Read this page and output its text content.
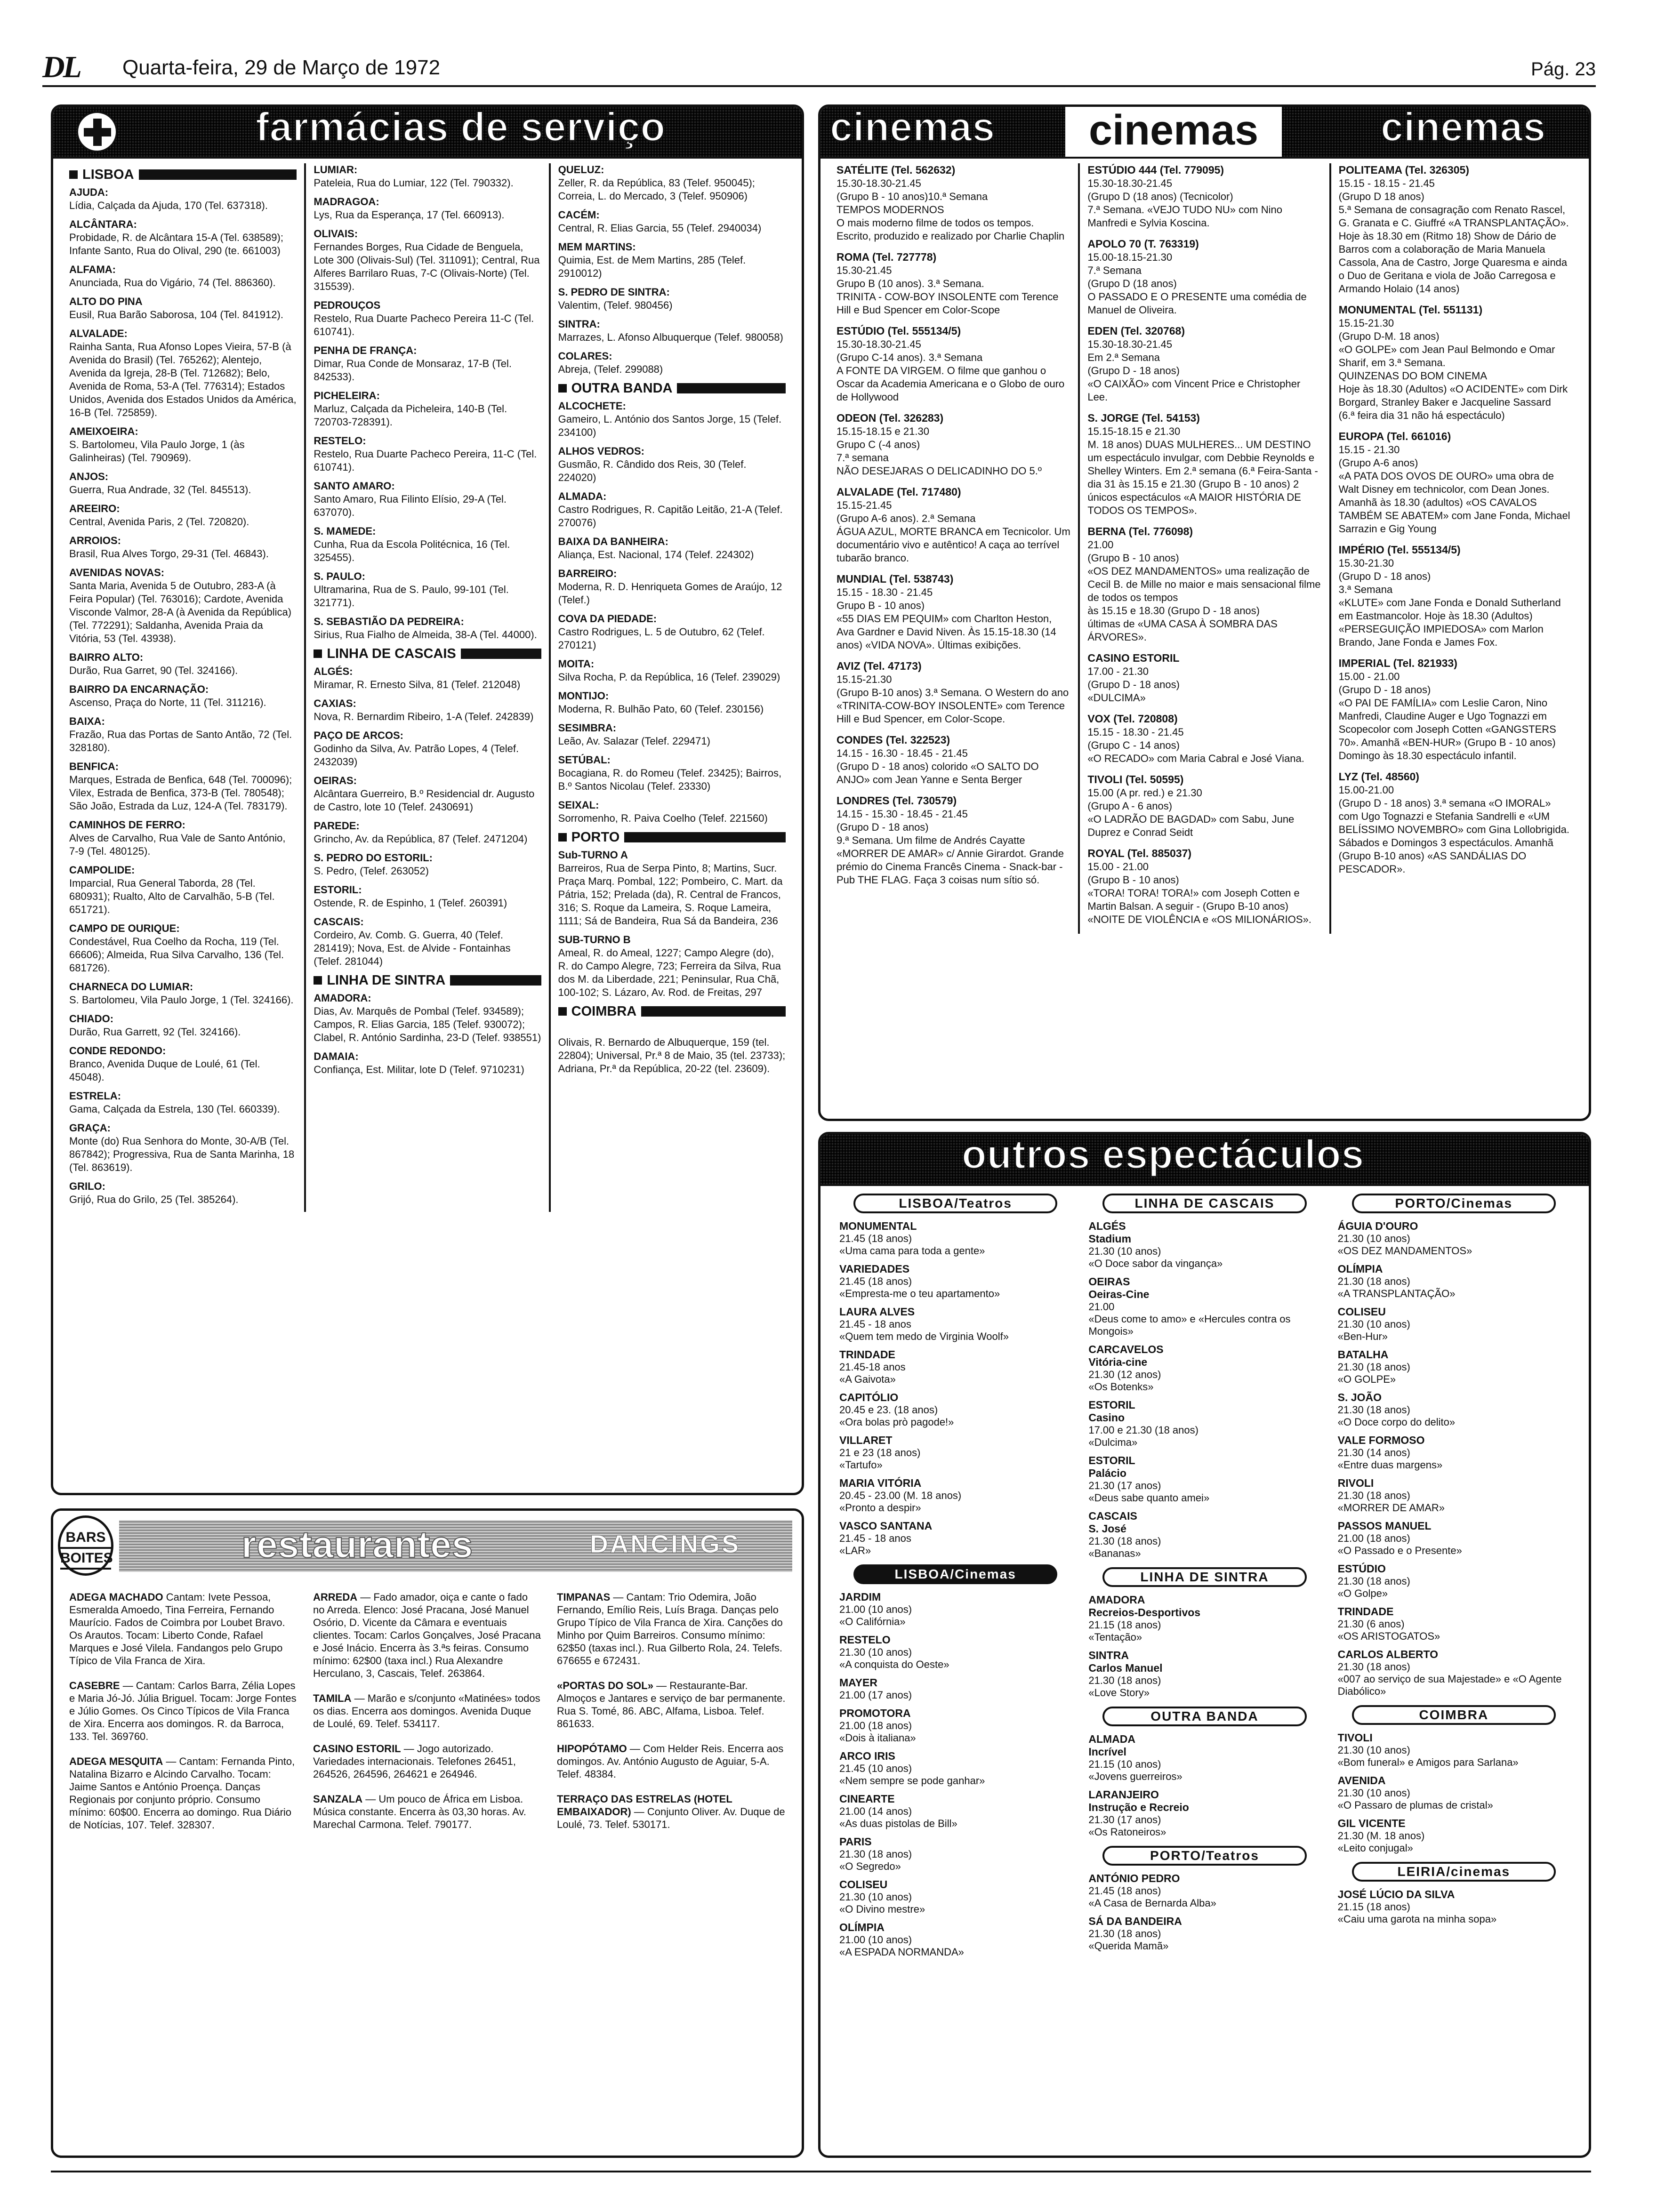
DL Quarta-feira, 29 de Março de 1972	Pág. 23
farmácias de serviço
LISBOA
AJUDA:
Lídia, Calçada da Ajuda, 170 (Tel. 637318).
ALCÂNTARA:
Probidade, R. de Alcântara 15-A (Tel. 638589); Infante Santo, Rua do Olival, 290 (te. 661003)
ALFAMA:
Anunciada, Rua do Vigário, 74 (Tel. 886360).
ALTO DO PINA
Eusil, Rua Barão Saborosa, 104 (Tel. 841912).
ALVALADE:
Rainha Santa, Rua Afonso Lopes Vieira, 57-B (à Avenida do Brasil) (Tel. 765262); Alentejo, Avenida da Igreja, 28-B (Tel. 712682); Belo, Avenida de Roma, 53-A (Tel. 776314); Estados Unidos, Avenida dos Estados Unidos da América, 16-B (Tel. 725859).
AMEIXOEIRA:
S. Bartolomeu, Vila Paulo Jorge, 1 (às Galinheiras) (Tel. 790969).
ANJOS:
Guerra, Rua Andrade, 32 (Tel. 845513).
AREEIRO:
Central, Avenida Paris, 2 (Tel. 720820).
ARROIOS:
Brasil, Rua Alves Torgo, 29-31 (Tel. 46843).
AVENIDAS NOVAS:
Santa Maria, Avenida 5 de Outubro, 283-A (à Feira Popular) (Tel. 763016); Cardote, Avenida Visconde Valmor, 28-A (à Avenida da República) (Tel. 772291); Saldanha, Avenida Praia da Vitória, 53 (Tel. 43938).
BAIRRO ALTO:
Durão, Rua Garret, 90 (Tel. 324166).
BAIRRO DA ENCARNAÇÃO:
Ascenso, Praça do Norte, 11 (Tel. 311216).
BAIXA:
Frazão, Rua das Portas de Santo Antão, 72 (Tel. 328180).
BENFICA:
Marques, Estrada de Benfica, 648 (Tel. 700096); Vilex, Estrada de Benfica, 373-B (Tel. 780548); São João, Estrada da Luz, 124-A (Tel. 783179).
CAMINHOS DE FERRO:
Alves de Carvalho, Rua Vale de Santo António, 7-9 (Tel. 480125).
CAMPOLIDE:
Imparcial, Rua General Taborda, 28 (Tel. 680931); Rualto, Alto de Carvalhão, 5-B (Tel. 651721).
CAMPO DE OURIQUE:
Condestável, Rua Coelho da Rocha, 119 (Tel. 66606); Almeida, Rua Silva Carvalho, 136 (Tel. 681726).
CHARNECA DO LUMIAR:
S. Bartolomeu, Vila Paulo Jorge, 1 (Tel. 324166).
CHIADO:
Durão, Rua Garrett, 92 (Tel. 324166).
CONDE REDONDO:
Branco, Avenida Duque de Loulé, 61 (Tel. 45048).
ESTRELA:
Gama, Calçada da Estrela, 130 (Tel. 660339).
GRAÇA:
Monte (do) Rua Senhora do Monte, 30-A/B (Tel. 867842); Progressiva, Rua de Santa Marinha, 18 (Tel. 863619).
GRILO:
Grijó, Rua do Grilo, 25 (Tel. 385264).
LUMIAR:
Pateleia, Rua do Lumiar, 122 (Tel. 790332).
MADRAGOA:
Lys, Rua da Esperança, 17 (Tel. 660913).
OLIVAIS:
Fernandes Borges, Rua Cidade de Benguela, Lote 300 (Olivais-Sul) (Tel. 311091); Central, Rua Alferes Barrilaro Ruas, 7-C (Olivais-Norte) (Tel. 315539).
PEDROUÇOS
Restelo, Rua Duarte Pacheco Pereira 11-C (Tel. 610741).
PENHA DE FRANÇA:
Dimar, Rua Conde de Monsaraz, 17-B (Tel. 842533).
PICHELEIRA:
Marluz, Calçada da Picheleira, 140-B (Tel. 720703-728391).
RESTELO:
Restelo, Rua Duarte Pacheco Pereira, 11-C (Tel. 610741).
SANTO AMARO:
Santo Amaro, Rua Filinto Elísio, 29-A (Tel. 637070).
S. MAMEDE:
Cunha, Rua da Escola Politécnica, 16 (Tel. 325455).
S. PAULO:
Ultramarina, Rua de S. Paulo, 99-101 (Tel. 321771).
S. SEBASTIÃO DA PEDREIRA:
Sirius, Rua Fialho de Almeida, 38-A (Tel. 44000).
LINHA DE CASCAIS
ALGÉS:
Miramar, R. Ernesto Silva, 81 (Telef. 212048)
CAXIAS:
Nova, R. Bernardim Ribeiro, 1-A (Telef. 242839)
PAÇO DE ARCOS:
Godinho da Silva, Av. Patrão Lopes, 4 (Telef. 2432039)
OEIRAS:
Alcântara Guerreiro, B.º Residencial dr. Augusto de Castro, lote 10 (Telef. 2430691)
PAREDE:
Grincho, Av. da República, 87 (Telef. 2471204)
S. PEDRO DO ESTORIL:
S. Pedro, (Telef. 263052)
ESTORIL:
Ostende, R. de Espinho, 1 (Telef. 260391)
CASCAIS:
Cordeiro, Av. Comb. G. Guerra, 40 (Telef. 281419); Nova, Est. de Alvide - Fontainhas (Telef. 281044)
LINHA DE SINTRA
AMADORA:
Dias, Av. Marquês de Pombal (Telef. 934589); Campos, R. Elias Garcia, 185 (Telef. 930072); Clabel, R. António Sardinha, 23-D (Telef. 938551)
DAMAIA:
Confiança, Est. Militar, lote D (Telef. 9710231)
QUELUZ:
Zeller, R. da República, 83 (Telef. 950045); Correia, L. do Mercado, 3 (Telef. 950906)
CACÉM:
Central, R. Elias Garcia, 55 (Telef. 2940034)
MEM MARTINS:
Quimia, Est. de Mem Martins, 285 (Telef. 2910012)
S. PEDRO DE SINTRA:
Valentim, (Telef. 980456)
SINTRA:
Marrazes, L. Afonso Albuquerque (Telef. 980058)
COLARES:
Abreja, (Telef. 299088)
OUTRA BANDA
ALCOCHETE:
Gameiro, L. António dos Santos Jorge, 15 (Telef. 234100)
ALHOS VEDROS:
Gusmão, R. Cândido dos Reis, 30 (Telef. 224020)
ALMADA:
Castro Rodrigues, R. Capitão Leitão, 21-A (Telef. 270076)
BAIXA DA BANHEIRA:
Aliança, Est. Nacional, 174 (Telef. 224302)
BARREIRO:
Moderna, R. D. Henriqueta Gomes de Araújo, 12 (Telef.)
COVA DA PIEDADE:
Castro Rodrigues, L. 5 de Outubro, 62 (Telef. 270121)
MOITA:
Silva Rocha, P. da República, 16 (Telef. 239029)
MONTIJO:
Moderna, R. Bulhão Pato, 60 (Telef. 230156)
SESIMBRA:
Leão, Av. Salazar (Telef. 229471)
SETÚBAL:
Bocagiana, R. do Romeu (Telef. 23425); Bairros, B.º Santos Nicolau (Telef. 23330)
SEIXAL:
Sorromenho, R. Paiva Coelho (Telef. 221560)
PORTO
Sub-TURNO A
Barreiros, Rua de Serpa Pinto, 8; Martins, Sucr. Praça Marq. Pombal, 122; Pombeiro, C. Mart. da Pátria, 152; Prelada (da), R. Central de Francos, 316; S. Roque da Lameira, S. Roque Lameira, 1111; Sá de Bandeira, Rua Sá da Bandeira, 236
SUB-TURNO B
Ameal, R. do Ameal, 1227; Campo Alegre (do), R. do Campo Alegre, 723; Ferreira da Silva, Rua dos M. da Liberdade, 221; Peninsular, Rua Chã, 100-102; S. Lázaro, Av. Rod. de Freitas, 297
COIMBRA

Olivais, R. Bernardo de Albuquerque, 159 (tel. 22804); Universal, Pr.ª 8 de Maio, 35 (tel. 23733); Adriana, Pr.ª da República, 20-22 (tel. 23609).
cinemas	cinemas	cinemas
SATÉLITE (Tel. 562632)
15.30-18.30-21.45
(Grupo B - 10 anos)10.ª Semana
TEMPOS MODERNOS
O mais moderno filme de todos os tempos. Escrito, produzido e realizado por Charlie Chaplin
ROMA (Tel. 727778)
15.30-21.45
Grupo B (10 anos). 3.ª Semana.
TRINITA - COW-BOY INSOLENTE com Terence Hill e Bud Spencer em Color-Scope
ESTÚDIO (Tel. 555134/5)
15.30-18.30-21.45
(Grupo C-14 anos). 3.ª Semana
A FONTE DA VIRGEM. O filme que ganhou o Oscar da Academia Americana e o Globo de ouro de Hollywood
ODEON (Tel. 326283)
15.15-18.15 e 21.30
Grupo C (-4 anos)
7.ª semana
NÃO DESEJARAS O DELICADINHO DO 5.º
ALVALADE (Tel. 717480)
15.15-21.45
(Grupo A-6 anos). 2.ª Semana
ÁGUA AZUL, MORTE BRANCA em Tecnicolor. Um documentário vivo e autêntico! A caça ao terrível tubarão branco.
MUNDIAL (Tel. 538743)
15.15 - 18.30 - 21.45
Grupo B - 10 anos)
«55 DIAS EM PEQUIM» com Charlton Heston, Ava Gardner e David Niven. Às 15.15-18.30 (14 anos) «VIDA NOVA». Últimas exibições.
AVIZ (Tel. 47173)
15.15-21.30
(Grupo B-10 anos) 3.ª Semana. O Western do ano «TRINITA-COW-BOY INSOLENTE» com Terence Hill e Bud Spencer, em Color-Scope.
CONDES (Tel. 322523)
14.15 - 16.30 - 18.45 - 21.45
(Grupo D - 18 anos) colorido «O SALTO DO ANJO» com Jean Yanne e Senta Berger
LONDRES (Tel. 730579)
14.15 - 15.30 - 18.45 - 21.45
(Grupo D - 18 anos)
9.ª Semana. Um filme de Andrés Cayatte «MORRER DE AMAR» c/ Annie Girardot. Grande prémio do Cinema Francês Cinema - Snack-bar - Pub THE FLAG. Faça 3 coisas num sítio só.
ESTÚDIO 444 (Tel. 779095)
15.30-18.30-21.45
(Grupo D (18 anos) (Tecnicolor)
7.ª Semana. «VEJO TUDO NU» com Nino Manfredi e Sylvia Koscina.
APOLO 70 (T. 763319)
15.00-18.15-21.30
7.ª Semana
(Grupo D (18 anos)
O PASSADO E O PRESENTE uma comédia de Manuel de Oliveira.
EDEN (Tel. 320768)
15.30-18.30-21.45
Em 2.ª Semana
(Grupo D - 18 anos)
«O CAIXÃO» com Vincent Price e Christopher Lee.
S. JORGE (Tel. 54153)
15.15-18.15 e 21.30
M. 18 anos) DUAS MULHERES... UM DESTINO um espectáculo invulgar, com Debbie Reynolds e Shelley Winters. Em 2.ª semana (6.ª Feira-Santa - dia 31 às 15.15 e 21.30 (Grupo B - 10 anos) 2 únicos espectáculos «A MAIOR HISTÓRIA DE TODOS OS TEMPOS».
BERNA (Tel. 776098)
21.00
(Grupo B - 10 anos)
«OS DEZ MANDAMENTOS» uma realização de Cecil B. de Mille no maior e mais sensacional filme de todos os tempos
às 15.15 e 18.30 (Grupo D - 18 anos)
últimas de «UMA CASA À SOMBRA DAS ÁRVORES».
CASINO ESTORIL
17.00 - 21.30
(Grupo D - 18 anos)
«DULCIMA»
VOX (Tel. 720808)
15.15 - 18.30 - 21.45
(Grupo C - 14 anos)
«O RECADO» com Maria Cabral e José Viana.
TIVOLI (Tel. 50595)
15.00 (A pr. red.) e 21.30
(Grupo A - 6 anos)
«O LADRÃO DE BAGDAD» com Sabu, June Duprez e Conrad Seidt
ROYAL (Tel. 885037)
15.00 - 21.00
(Grupo B - 10 anos)
«TORA! TORA! TORA!» com Joseph Cotten e Martin Balsan. A seguir - (Grupo B-10 anos) «NOITE DE VIOLÊNCIA e «OS MILIONÁRIOS».
POLITEAMA (Tel. 326305)
15.15 - 18.15 - 21.45
(Grupo D 18 anos)
5.ª Semana de consagração com Renato Rascel, G. Granata e C. Giuffré «A TRANSPLANTAÇÃO». Hoje às 18.30 em (Ritmo 18) Show de Dário de Barros com a colaboração de Maria Manuela Cassola, Ana de Castro, Jorge Quaresma e ainda o Duo de Geritana e viola de João Carregosa e Armando Holaio (14 anos)
MONUMENTAL (Tel. 551131)
15.15-21.30
(Grupo D-M. 18 anos)
«O GOLPE» com Jean Paul Belmondo e Omar Sharif, em 3.ª Semana.
QUINZENAS DO BOM CINEMA
Hoje às 18.30 (Adultos) «O ACIDENTE» com Dirk Borgard, Stranley Baker e Jacqueline Sassard
(6.ª feira dia 31 não há espectáculo)
EUROPA (Tel. 661016)
15.15 - 21.30
(Grupo A-6 anos)
«A PATA DOS OVOS DE OURO» uma obra de Walt Disney em technicolor, com Dean Jones. Amanhã às 18.30 (adultos) «OS CAVALOS TAMBÉM SE ABATEM» com Jane Fonda, Michael Sarrazin e Gig Young
IMPÉRIO (Tel. 555134/5)
15.30-21.30
(Grupo D - 18 anos)
3.ª Semana
«KLUTE» com Jane Fonda e Donald Sutherland em Eastmancolor. Hoje às 18.30 (Adultos) «PERSEGUIÇÃO IMPIEDOSA» com Marlon Brando, Jane Fonda e James Fox.
IMPERIAL (Tel. 821933)
15.00 - 21.00
(Grupo D - 18 anos)
«O PAI DE FAMÍLIA» com Leslie Caron, Nino Manfredi, Claudine Auger e Ugo Tognazzi em Scopecolor com Joseph Cotten «GANGSTERS 70». Amanhã «BEN-HUR» (Grupo B - 10 anos) Domingo às 18.30 espectáculo infantil.
LYZ (Tel. 48560)
15.00-21.00
(Grupo D - 18 anos) 3.ª semana «O IMORAL» com Ugo Tognazzi e Stefania Sandrelli e «UM BELÍSSIMO NOVEMBRO» com Gina Lollobrigida. Sábados e Domingos 3 espectáculos. Amanhã (Grupo B-10 anos) «AS SANDÁLIAS DO PESCADOR».
outros espectáculos
LISBOA/Teatros
MONUMENTAL
21.45 (18 anos)
«Uma cama para toda a gente»
VARIEDADES
21.45 (18 anos)
«Empresta-me o teu apartamento»
LAURA ALVES
21.45 - 18 anos
«Quem tem medo de Virginia Woolf»
TRINDADE
21.45-18 anos
«A Gaivota»
CAPITÓLIO
20.45 e 23. (18 anos)
«Ora bolas prò pagode!»
VILLARET
21 e 23 (18 anos)
«Tartufo»
MARIA VITÓRIA
20.45 - 23.00 (M. 18 anos)
«Pronto a despir»
VASCO SANTANA
21.45 - 18 anos
«LAR»
LISBOA/Cinemas
JARDIM
21.00 (10 anos)
«O Califórnia»
RESTELO
21.30 (10 anos)
«A conquista do Oeste»
MAYER
21.00 (17 anos)
PROMOTORA
21.00 (18 anos)
«Dois à italiana»
ARCO IRIS
21.45 (10 anos)
«Nem sempre se pode ganhar»
CINEARTE
21.00 (14 anos)
«As duas pistolas de Bill»
PARIS
21.30 (18 anos)
«O Segredo»
COLISEU
21.30 (10 anos)
«O Divino mestre»
OLÍMPIA
21.00 (10 anos)
«A ESPADA NORMANDA»
LINHA DE CASCAIS
ALGÉS
Stadium
21.30 (10 anos)
«O Doce sabor da vingança»
OEIRAS
Oeiras-Cine
21.00
«Deus come to amo» e «Hercules contra os Mongois»
CARCAVELOS
Vitória-cine
21.30 (12 anos)
«Os Botenks»
ESTORIL
Casino
17.00 e 21.30 (18 anos)
«Dulcima»
ESTORIL
Palácio
21.30 (17 anos)
«Deus sabe quanto amei»
CASCAIS
S. José
21.30 (18 anos)
«Bananas»
LINHA DE SINTRA
AMADORA
Recreios-Desportivos
21.15 (18 anos)
«Tentação»
SINTRA
Carlos Manuel
21.30 (18 anos)
«Love Story»
OUTRA BANDA
ALMADA
Incrível
21.15 (10 anos)
«Jovens guerreiros»
LARANJEIRO
Instrução e Recreio
21.30 (17 anos)
«Os Ratoneiros»
PORTO/Teatros
ANTÓNIO PEDRO
21.45 (18 anos)
«A Casa de Bernarda Alba»
SÁ DA BANDEIRA
21.30 (18 anos)
«Querida Mamã»
PORTO/Cinemas
ÁGUIA D'OURO
21.30 (10 anos)
«OS DEZ MANDAMENTOS»
OLÍMPIA
21.30 (18 anos)
«A TRANSPLANTAÇÃO»
COLISEU
21.30 (10 anos)
«Ben-Hur»
BATALHA
21.30 (18 anos)
«O GOLPE»
S. JOÃO
21.30 (18 anos)
«O Doce corpo do delito»
VALE FORMOSO
21.30 (14 anos)
«Entre duas margens»
RIVOLI
21.30 (18 anos)
«MORRER DE AMAR»
PASSOS MANUEL
21.00 (18 anos)
«O Passado e o Presente»
ESTÚDIO
21.30 (18 anos)
«O Golpe»
TRINDADE
21.30 (6 anos)
«OS ARISTOGATOS»
CARLOS ALBERTO
21.30 (18 anos)
«007 ao serviço de sua Majestade» e «O Agente Diabólico»
COIMBRA
TIVOLI
21.30 (10 anos)
«Bom funeral» e Amigos para Sarlana»
AVENIDA
21.30 (10 anos)
«O Passaro de plumas de cristal»
GIL VICENTE
21.30 (M. 18 anos)
«Leito conjugal»
LEIRIA/cinemas
JOSÉ LÚCIO DA SILVA
21.15 (18 anos)
«Caiu uma garota na minha sopa»
BARS
BOITES	restaurantes	DANCINGS
ADEGA MACHADO Cantam: Ivete Pessoa, Esmeralda Amoedo, Tina Ferreira, Fernando Maurício. Fados de Coimbra por Loubet Bravo. Os Arautos. Tocam: Liberto Conde, Rafael Marques e José Vilela. Fandangos pelo Grupo Típico de Vila Franca de Xira.
CASEBRE — Cantam: Carlos Barra, Zélia Lopes e Maria Jó-Jó. Júlia Briguel. Tocam: Jorge Fontes e Júlio Gomes. Os Cinco Típicos de Vila Franca de Xira. Encerra aos domingos. R. da Barroca, 133. Tel. 369760.
ADEGA MESQUITA — Cantam: Fernanda Pinto, Natalina Bizarro e Alcindo Carvalho. Tocam: Jaime Santos e António Proença. Danças Regionais por conjunto próprio. Consumo mínimo: 60$00. Encerra ao domingo. Rua Diário de Notícias, 107. Telef. 328307.
ARREDA — Fado amador, oiça e cante o fado no Arreda. Elenco: José Pracana, José Manuel Osório, D. Vicente da Câmara e eventuais clientes. Tocam: Carlos Gonçalves, José Pracana e José Inácio. Encerra às 3.ªs feiras. Consumo mínimo: 62$00 (taxa incl.) Rua Alexandre Herculano, 3, Cascais, Telef. 263864.
TAMILA — Marão e s/conjunto «Matinées» todos os dias. Encerra aos domingos. Avenida Duque de Loulé, 69. Telef. 534117.
CASINO ESTORIL — Jogo autorizado. Variedades internacionais. Telefones 26451, 264526, 264596, 264621 e 264946.
SANZALA — Um pouco de África em Lisboa. Música constante. Encerra às 03,30 horas. Av. Marechal Carmona. Telef. 790177.
TIMPANAS — Cantam: Trio Odemira, João Fernando, Emílio Reis, Luís Braga. Danças pelo Grupo Típico de Vila Franca de Xira. Canções do Minho por Quim Barreiros. Consumo mínimo: 62$50 (taxas incl.). Rua Gilberto Rola, 24. Telefs. 676655 e 672431.
«PORTAS DO SOL» — Restaurante-Bar. Almoços e Jantares e serviço de bar permanente. Rua S. Tomé, 86. ABC, Alfama, Lisboa. Telef. 861633.
HIPOPÓTAMO — Com Helder Reis. Encerra aos domingos. Av. António Augusto de Aguiar, 5-A. Telef. 48384.
TERRAÇO DAS ESTRELAS (HOTEL EMBAIXADOR) — Conjunto Oliver. Av. Duque de Loulé, 73. Telef. 530171.
